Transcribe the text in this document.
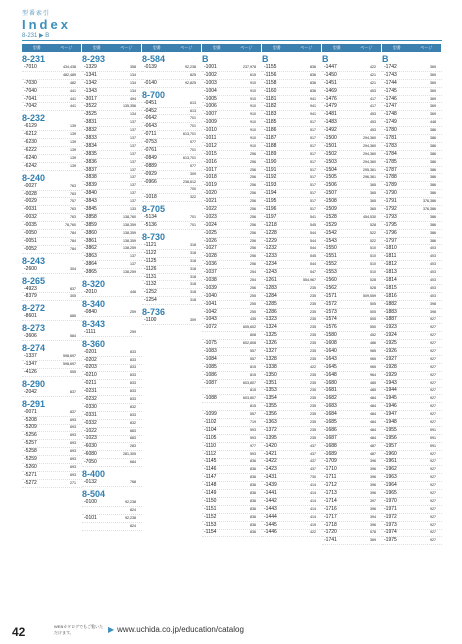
型番索引
Index
8-231 ▶ B
型番	ページ
8-231
-7010	434,438
482,489
-7030	482
-7040	441
-7041	441
-7042	441
8-232
-6129	139
-6212	139
-6230	139
-6222	139
-6240	139
-6242	139
8-240
-0027	763
-0028	763
-0029	757
-0031	763
-0032	763
-0035	78,760
-0050	784
-0051	784
-0052	784
8-243
-2600	304
8-265
-4923	837
-8379	305
8-272
-8601	685
8-273
-3606	584
8-274
-1337	598,697
-1347	598,697
-4126	555
8-290
-2042	837
8-291
-0071	837
-5208	693
-5209	693
-5256	693
-5257	693
-5258	693
-5259	693
-5260	693
-5271	693
-5272	271
型番	ページ
8-293
-1329	358
-1341	134
-1342	134
-1343	134
-3017	494
-3522	135,356
-3525	134
-3831	137
-3832	137
-3833	137
-3834	137
-3835	137
-3836	137
-3837	137
-3838	137
-3839	137
-3840	137
-3843	137
-3845	133
-3858	138,760
-3859	138,359
-3860	138,359
-3861	138,359
-3862	138,259
-3863	137
-3864	137
-3865	138,259
8-320
-2010	446
8-340
-0840	259
8-343
-1111	259
8-360
-0201	833
-0202	833
-0203	833
-0210	833
-0211	833
-0231	833
-0232	833
-0330	832
-0331	833
-0332	832
-1022	683
-1023	683
-6030	283
-6080	281,305
-7050	684
8-400
-0132	768
8-504
-0100	92,238
824
-0101	92,238
824
型番	ページ
8-584
-0139	92,238
825
-0140	92,825
8-700
-0451	613
-0452	613
-0642	701
-0643	701
-0711	613,701
-0753	577
-0761	701
-0849	613,701
-0889	577
-0929	309
-0966	236,612
700
-1018	322
8-705
-5134	701
-5136	701
8-730
-1121	318
-1122	318
-1125	318
-1126	318
-1131	318
-1132	318
-1252	318
-1254	318
8-736
-1100	309
型番	ページ
B
-1001	237,978
-1002	615
-1003	910
-1004	910
-1005	910
-1006	910
-1007	910
-1009	910
-1010	910
-1011	910
-1012	910
-1015	256
-1016	256
-1017	256
-1018	256
-1019	256
-1020	256
-1021	256
-1022	256
-1023	256
-1024	256
-1025	256
-1026	256
-1027	256
-1028	256
-1036	256
-1037	254
-1038	254
-1039	256
-1040	255
-1041	255
-1042	255
-1043	435
-1072	605,602
808
-1075	602,808
-1083	557
-1084	557
-1085	815
-1086	815
-1087	603,807
815
-1088	603,807
815
-1099	557
-1102	719
-1104	593
-1105	593
-1110	977
-1112	593
-1145	836
-1146	836
-1147	836
-1148	836
-1149	836
-1150	836
-1151	836
-1152	836
-1153	836
-1154	836
型番	ページ
B
-1155	836
-1156	836
-1158	836
-1160	836
-1181	941
-1182	941
-1183	941
-1185	517
-1186	517
-1187	517
-1188	517
-1189	517
-1190	517
-1191	517
-1192	517
-1193	517
-1194	517
-1195	517
-1196	517
-1197	541
-1218	545
-1228	544
-1229	544
-1232	544
-1233	545
-1234	544
-1243	547
-1261	554,967
-1283	235
-1284	235
-1285	235
-1286	235
-1323	235
-1324	235
-1325	235
-1326	235
-1327	235
-1328	235
-1338	422
-1350	235
-1351	235
-1353	235
-1354	235
-1355	235
-1356	235
-1363	235
-1372	235
-1395	235
-1420	437
-1421	437
-1422	437
-1423	437
-1431	730
-1439	414
-1441	414
-1442	414
-1443	414
-1444	414
-1445	419
-1446	422
型番	ページ
B
-1447	422
-1450	421
-1451	421
-1469	453
-1476	417
-1479	417
-1481	453
-1483	453
-1492	453
-1500	294,360
-1501	294,360
-1502	294,360
-1503	294,360
-1504	295,361
-1505	296,361
-1506	365
-1507	365
-1508	365
-1509	365
-1528	454,530
-1529	528
-1542	522
-1543	522
-1550	510
-1551	510
-1552	510
-1553	510
-1560	528
-1562	528
-1571	509,559
-1572	505
-1573	505
-1574	505
-1576	550
-1580	452
-1608	486
-1640	985
-1643	965
-1645	965
-1648	964
-1680	485
-1681	485
-1682	484
-1683	484
-1684	484
-1685	484
-1686	484
-1687	484
-1688	487
-1689	487
-1709	396
-1710	396
-1711	396
-1712	396
-1713	396
-1714	397
-1716	396
-1717	394
-1718	396
-1720	578
-1741	369
型番	ページ
B
-1742	369
-1743	369
-1744	369
-1745	369
-1746	369
-1747	369
-1748	369
-1749	448
-1780	386
-1781	386
-1783	386
-1784	386
-1785	386
-1787	386
-1788	386
-1789	386
-1790	386
-1791	376,386
-1792	376,386
-1793	386
-1795	386
-1796	386
-1797	386
-1810	403
-1811	403
-1812	403
-1813	403
-1814	403
-1815	403
-1816	403
-1882	398
-1883	398
-1887	927
-1923	927
-1924	927
-1925	927
-1926	927
-1927	927
-1928	927
-1929	927
-1943	927
-1944	927
-1945	927
-1946	927
-1947	927
-1948	927
-1955	591
-1956	591
-1957	591
-1960	927
-1961	927
-1962	927
-1963	927
-1964	927
-1965	927
-1970	927
-1971	927
-1972	927
-1973	927
-1974	927
-1975	927
42	WEBカタログでもご覧いただけます。	▶ www.uchida.co.jp/education/catalog
